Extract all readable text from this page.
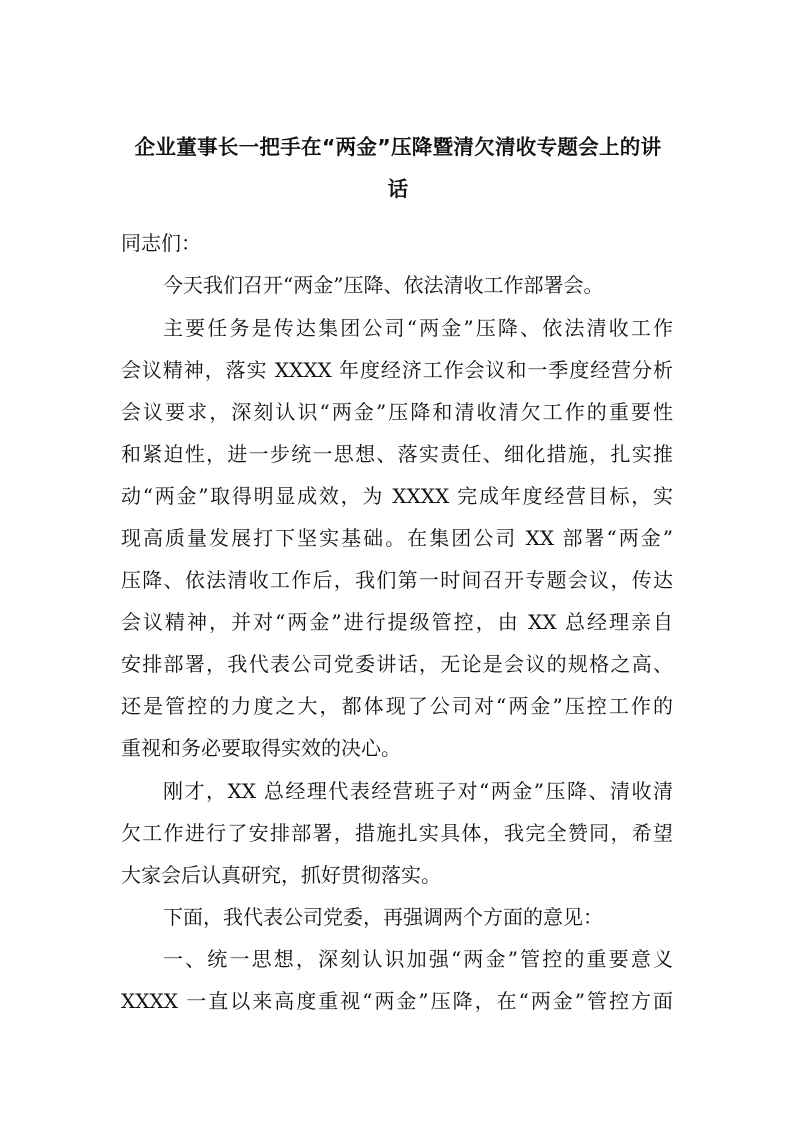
企业董事长一把手在“两金”压降暨清欠清收专题会上的讲
话
同志们：
今天我们召开“两金”压降、依法清收工作部署会。
主要任务是传达集团公司“两金”压降、依法清收工作
会议精神，落实 XXXX 年度经济工作会议和一季度经营分析
会议要求，深刻认识“两金”压降和清收清欠工作的重要性
和紧迫性，进一步统一思想、落实责任、细化措施，扎实推
动“两金”取得明显成效，为 XXXX 完成年度经营目标，实
现高质量发展打下坚实基础。在集团公司 XX 部署“两金”
压降、依法清收工作后，我们第一时间召开专题会议，传达
会议精神，并对“两金”进行提级管控，由 XX 总经理亲自
安排部署，我代表公司党委讲话，无论是会议的规格之高、
还是管控的力度之大，都体现了公司对“两金”压控工作的
重视和务必要取得实效的决心。
刚才，XX 总经理代表经营班子对“两金”压降、清收清
欠工作进行了安排部署，措施扎实具体，我完全赞同，希望
大家会后认真研究，抓好贯彻落实。
下面，我代表公司党委，再强调两个方面的意见：
一、统一思想，深刻认识加强“两金”管控的重要意义
XXXX 一直以来高度重视“两金”压降，在“两金”管控方面
